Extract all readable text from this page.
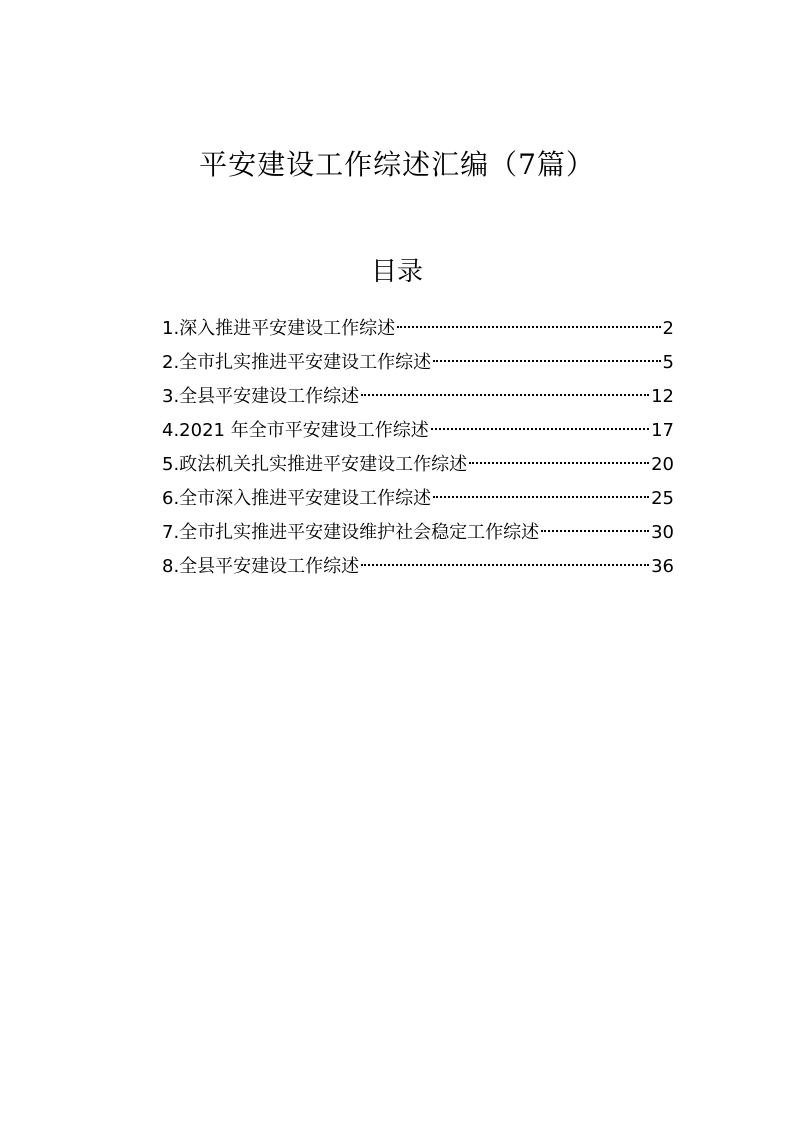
平安建设工作综述汇编（7篇）
目录
1.深入推进平安建设工作综述	2
2.全市扎实推进平安建设工作综述	5
3.全县平安建设工作综述	12
4.2021 年全市平安建设工作综述	17
5.政法机关扎实推进平安建设工作综述	20
6.全市深入推进平安建设工作综述	25
7.全市扎实推进平安建设维护社会稳定工作综述	30
8.全县平安建设工作综述	36
